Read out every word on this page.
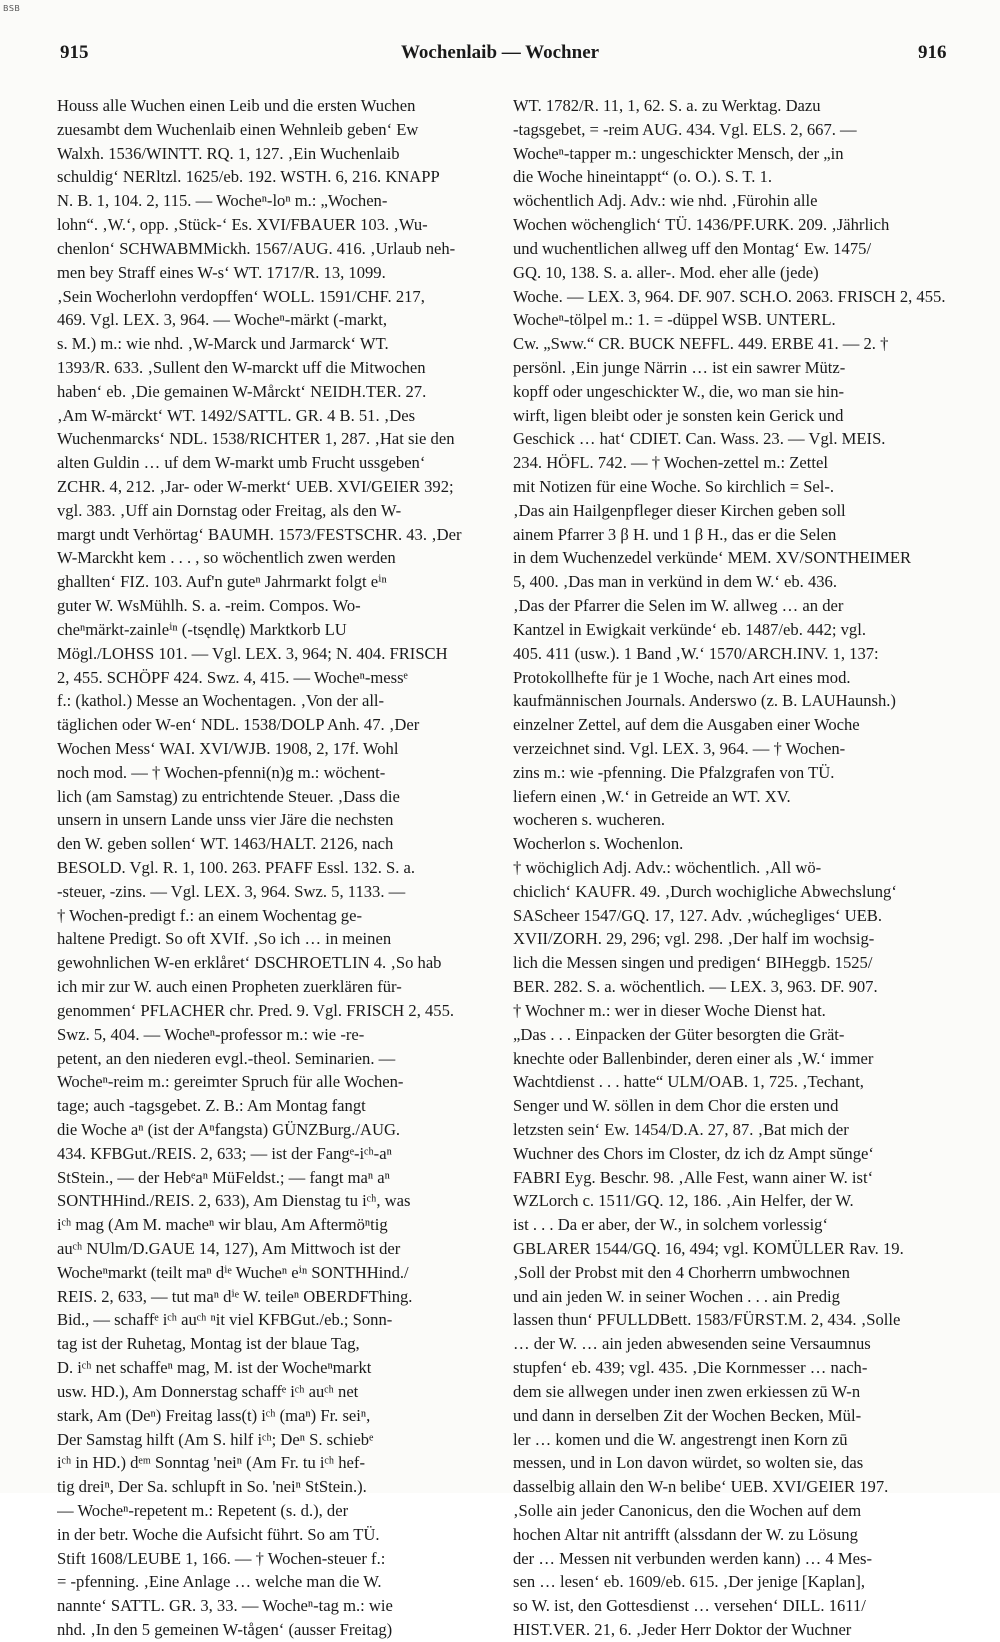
BSB
915	Wochenlaib — Wochner	916
Houss alle Wuchen einen Leib und die ersten Wuchen
zuesambt dem Wuchenlaib einen Wehnleib geben‘ Ew
Walxh. 1536/WINTT. RQ. 1, 127. ‚Ein Wuchenlaib
schuldig‘ NERltzl. 1625/eb. 192. WSTH. 6, 216. KNAPP
N. B. 1, 104. 2, 115. — Wocheⁿ-loⁿ m.: „Wochen-
lohn“. ‚W.‘, opp. ‚Stück-‘ Es. XVI/FBAUER 103. ‚Wu-
chenlon‘ SCHWABMMickh. 1567/AUG. 416. ‚Urlaub neh-
men bey Straff eines W-s‘ WT. 1717/R. 13, 1099.
‚Sein Wocherlohn verdopffen‘ WOLL. 1591/CHF. 217,
469. Vgl. LEX. 3, 964. — Wocheⁿ-märkt (-markt,
s. M.) m.: wie nhd. ‚W-Marck und Jarmarck‘ WT.
1393/R. 633. ‚Sullent den W-marckt uff die Mitwochen
haben‘ eb. ‚Die gemainen W-Mårckt‘ NEIDH.TER. 27.
‚Am W-märckt‘ WT. 1492/SATTL. GR. 4 B. 51. ‚Des
Wuchenmarcks‘ NDL. 1538/RICHTER 1, 287. ‚Hat sie den
alten Guldin … uf dem W-markt umb Frucht ussgeben‘
ZCHR. 4, 212. ‚Jar- oder W-merkt‘ UEB. XVI/GEIER 392;
vgl. 383. ‚Uff ain Dornstag oder Freitag, als den W-
margt undt Verhörtag‘ BAUMH. 1573/FESTSCHR. 43. ‚Der
W-Marckht kem . . . , so wöchentlich zwen werden
ghallten‘ FIZ. 103. Auf'n guteⁿ Jahrmarkt folgt eⁱⁿ
guter W. WsMühlh. S. a. -reim. Compos. Wo-
cheⁿmärkt-zainleⁱⁿ (-tsęndlę) Marktkorb LU
Mögl./LOHSS 101. — Vgl. LEX. 3, 964; N. 404. FRISCH
2, 455. SCHÖPF 424. Swz. 4, 415. — Wocheⁿ-messᵉ
f.: (kathol.) Messe an Wochentagen. ‚Von der all-
täglichen oder W-en‘ NDL. 1538/DOLP Anh. 47. ‚Der
Wochen Mess‘ WAI. XVI/WJB. 1908, 2, 17f. Wohl
noch mod. — † Wochen-pfenni(n)g m.: wöchent-
lich (am Samstag) zu entrichtende Steuer. ‚Dass die
unsern in unsern Lande unss vier Järe die nechsten
den W. geben sollen‘ WT. 1463/HALT. 2126, nach
BESOLD. Vgl. R. 1, 100. 263. PFAFF Essl. 132. S. a.
-steuer, -zins. — Vgl. LEX. 3, 964. Swz. 5, 1133. —
† Wochen-predigt f.: an einem Wochentag ge-
haltene Predigt. So oft XVIf. ‚So ich … in meinen
gewohnlichen W-en erklåret‘ DSCHROETLIN 4. ‚So hab
ich mir zur W. auch einen Propheten zuerklären für-
genommen‘ PFLACHER chr. Pred. 9. Vgl. FRISCH 2, 455.
Swz. 5, 404. — Wocheⁿ-professor m.: wie -re-
petent, an den niederen evgl.-theol. Seminarien. —
Wocheⁿ-reim m.: gereimter Spruch für alle Wochen-
tage; auch -tagsgebet. Z. B.: Am Montag fangt
die Woche aⁿ (ist der Aⁿfangsta) GÜNZBurg./AUG.
434. KFBGut./REIS. 2, 633; — ist der Fangᵉ-iᶜʰ-aⁿ
StStein., — der Hebᵉaⁿ MüFeldst.; — fangt maⁿ aⁿ
SONTHHind./REIS. 2, 633), Am Dienstag tu iᶜʰ, was
iᶜʰ mag (Am M. macheⁿ wir blau, Am Aftermöⁿtig
auᶜʰ NUlm/D.GAUE 14, 127), Am Mittwoch ist der
Wocheⁿmarkt (teilt maⁿ dⁱᵉ Wucheⁿ eⁱⁿ SONTHHind./
REIS. 2, 633, — tut maⁿ dⁱᵉ W. teileⁿ OBERDFThing.
Bid., — schaffᵉ iᶜʰ auᶜʰ ⁿit viel KFBGut./eb.; Sonn-
tag ist der Ruhetag, Montag ist der blaue Tag,
D. iᶜʰ net schaffeⁿ mag, M. ist der Wocheⁿmarkt
usw. HD.), Am Donnerstag schaffᵉ iᶜʰ auᶜʰ net
stark, Am (Deⁿ) Freitag lass(t) iᶜʰ (maⁿ) Fr. seiⁿ,
Der Samstag hilft (Am S. hilf iᶜʰ; Deⁿ S. schiebᵉ
iᶜʰ in HD.) dᵉᵐ Sonntag 'neiⁿ (Am Fr. tu iᶜʰ hef-
tig dreiⁿ, Der Sa. schlupft in So. 'neiⁿ StStein.).
— Wocheⁿ-repetent m.: Repetent (s. d.), der
in der betr. Woche die Aufsicht führt. So am TÜ.
Stift 1608/LEUBE 1, 166. — † Wochen-steuer f.:
= -pfenning. ‚Eine Anlage … welche man die W.
nannte‘ SATTL. GR. 3, 33. — Wocheⁿ-tag m.: wie
nhd. ‚In den 5 gemeinen W-tågen‘ (ausser Freitag)
WT. 1782/R. 11, 1, 62. S. a. zu Werktag. Dazu
-tagsgebet, = -reim AUG. 434. Vgl. ELS. 2, 667. —
Wocheⁿ-tapper m.: ungeschickter Mensch, der „in
die Woche hineintappt“ (o. O.). S. T. 1.
wöchentlich Adj. Adv.: wie nhd. ‚Fürohin alle
Wochen wöchenglich‘ TÜ. 1436/PF.URK. 209. ‚Jährlich
und wuchentlichen allweg uff den Montag‘ Ew. 1475/
GQ. 10, 138. S. a. aller-. Mod. eher alle (jede)
Woche. — LEX. 3, 964. DF. 907. SCH.O. 2063. FRISCH 2, 455.
Wocheⁿ-tölpel m.: 1. = -düppel WSB. UNTERL.
Cw. „Sww.“ CR. BUCK NEFFL. 449. ERBE 41. — 2. †
persönl. ‚Ein junge Närrin … ist ein sawrer Mütz-
kopff oder ungeschickter W., die, wo man sie hin-
wirft, ligen bleibt oder je sonsten kein Gerick und
Geschick … hat‘ CDIET. Can. Wass. 23. — Vgl. MEIS.
234. HÖFL. 742. — † Wochen-zettel m.: Zettel
mit Notizen für eine Woche. So kirchlich = Sel-.
‚Das ain Hailgenpfleger dieser Kirchen geben soll
ainem Pfarrer 3 β H. und 1 β H., das er die Selen
in dem Wuchenzedel verkünde‘ MEM. XV/SONTHEIMER
5, 400. ‚Das man in verkünd in dem W.‘ eb. 436.
‚Das der Pfarrer die Selen im W. allweg … an der
Kantzel in Ewigkait verkünde‘ eb. 1487/eb. 442; vgl.
405. 411 (usw.). 1 Band ‚W.‘ 1570/ARCH.INV. 1, 137:
Protokollhefte für je 1 Woche, nach Art eines mod.
kaufmännischen Journals. Anderswo (z. B. LAUHaunsh.)
einzelner Zettel, auf dem die Ausgaben einer Woche
verzeichnet sind. Vgl. LEX. 3, 964. — † Wochen-
zins m.: wie -pfenning. Die Pfalzgrafen von TÜ.
liefern einen ‚W.‘ in Getreide an WT. XV.
wocheren s. wucheren.
Wocherlon s. Wochenlon.
† wöchiglich Adj. Adv.: wöchentlich. ‚All wö-
chiclich‘ KAUFR. 49. ‚Durch wochigliche Abwechslung‘
SAScheer 1547/GQ. 17, 127. Adv. ‚wúchegliges‘ UEB.
XVII/ZORH. 29, 296; vgl. 298. ‚Der half im wochsig-
lich die Messen singen und predigen‘ BIHeggb. 1525/
BER. 282. S. a. wöchentlich. — LEX. 3, 963. DF. 907.
† Wochner m.: wer in dieser Woche Dienst hat.
„Das . . . Einpacken der Güter besorgten die Grät-
knechte oder Ballenbinder, deren einer als ‚W.‘ immer
Wachtdienst . . . hatte“ ULM/OAB. 1, 725. ‚Techant,
Senger und W. söllen in dem Chor die ersten und
letzsten sein‘ Ew. 1454/D.A. 27, 87. ‚Bat mich der
Wuchner des Chors im Closter, dz ich dz Ampt sŭnge‘
FABRI Eyg. Beschr. 98. ‚Alle Fest, wann ainer W. ist‘
WZLorch c. 1511/GQ. 12, 186. ‚Ain Helfer, der W.
ist . . . Da er aber, der W., in solchem vorlessig‘
GBLARER 1544/GQ. 16, 494; vgl. KOMÜLLER Rav. 19.
‚Soll der Probst mit den 4 Chorherrn umbwochnen
und ain jeden W. in seiner Wochen . . . ain Predig
lassen thun‘ PFULLDBett. 1583/FÜRST.M. 2, 434. ‚Solle
… der W. … ain jeden abwesenden seine Versaumnus
stupfen‘ eb. 439; vgl. 435. ‚Die Kornmesser … nach-
dem sie allwegen under inen zwen erkiessen zū W-n
und dann in derselben Zit der Wochen Becken, Mül-
ler … komen und die W. angestrengt inen Korn zū
messen, und in Lon davon würdet, so wolten sie, das
dasselbig allain den W-n belibe‘ UEB. XVI/GEIER 197.
‚Solle ain jeder Canonicus, den die Wochen auf dem
hochen Altar nit antrifft (alssdann der W. zu Lösung
der … Messen nit verbunden werden kann) … 4 Mes-
sen … lesen‘ eb. 1609/eb. 615. ‚Der jenige [Kaplan],
so W. ist, den Gottesdienst … versehen‘ DILL. 1611/
HIST.VER. 21, 6. ‚Jeder Herr Doktor der Wuchner
